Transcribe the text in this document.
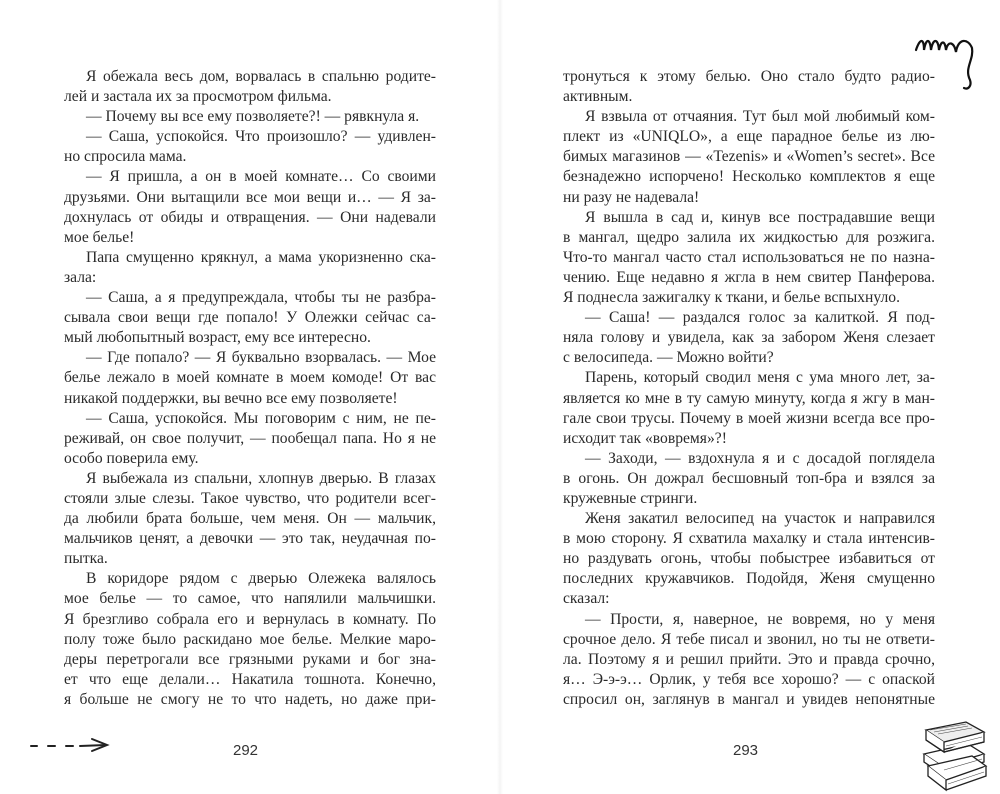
Я обежала весь дом, ворвалась в спальню родите-
лей и застала их за просмотром фильма.
— Почему вы все ему позволяете?! — рявкнула я.
— Саша, успокойся. Что произошло? — удивлен-
но спросила мама.
— Я пришла, а он в моей комнате… Со своими
друзьями. Они вытащили все мои вещи и… — Я за-
дохнулась от обиды и отвращения. — Они надевали
мое белье!
Папа смущенно крякнул, а мама укоризненно ска-
зала:
— Саша, а я предупреждала, чтобы ты не разбра-
сывала свои вещи где попало! У Олежки сейчас са-
мый любопытный возраст, ему все интересно.
— Где попало? — Я буквально взорвалась. — Мое
белье лежало в моей комнате в моем комоде! От вас
никакой поддержки, вы вечно все ему позволяете!
— Саша, успокойся. Мы поговорим с ним, не пе-
реживай, он свое получит, — пообещал папа. Но я не
особо поверила ему.
Я выбежала из спальни, хлопнув дверью. В глазах
стояли злые слезы. Такое чувство, что родители всег-
да любили брата больше, чем меня. Он — мальчик,
мальчиков ценят, а девочки — это так, неудачная по-
пытка.
В коридоре рядом с дверью Олежека валялось
мое белье — то самое, что напялили мальчишки.
Я брезгливо собрала его и вернулась в комнату. По
полу тоже было раскидано мое белье. Мелкие маро-
деры перетрогали все грязными руками и бог зна-
ет что еще делали… Накатила тошнота. Конечно,
я больше не смогу не то что надеть, но даже при-
тронуться к этому белью. Оно стало будто радио-
активным.
Я взвыла от отчаяния. Тут был мой любимый ком-
плект из «UNIQLO», а еще парадное белье из лю-
бимых магазинов — «Tezenis» и «Women’s secret». Все
безнадежно испорчено! Несколько комплектов я еще
ни разу не надевала!
Я вышла в сад и, кинув все пострадавшие вещи
в мангал, щедро залила их жидкостью для розжига.
Что-то мангал часто стал использоваться не по назна-
чению. Еще недавно я жгла в нем свитер Панферова.
Я поднесла зажигалку к ткани, и белье вспыхнуло.
— Саша! — раздался голос за калиткой. Я под-
няла голову и увидела, как за забором Женя слезает
с велосипеда. — Можно войти?
Парень, который сводил меня с ума много лет, за-
является ко мне в ту самую минуту, когда я жгу в ман-
гале свои трусы. Почему в моей жизни всегда все про-
исходит так «вовремя»?!
— Заходи, — вздохнула я и с досадой поглядела
в огонь. Он дожрал бесшовный топ-бра и взялся за
кружевные стринги.
Женя закатил велосипед на участок и направился
в мою сторону. Я схватила махалку и стала интенсив-
но раздувать огонь, чтобы побыстрее избавиться от
последних кружавчиков. Подойдя, Женя смущенно
сказал:
— Прости, я, наверное, не вовремя, но у меня
срочное дело. Я тебе писал и звонил, но ты не ответи-
ла. Поэтому я и решил прийти. Это и правда срочно,
я… Э-э-э… Орлик, у тебя все хорошо? — с опаской
спросил он, заглянув в мангал и увидев непонятные
292	293
